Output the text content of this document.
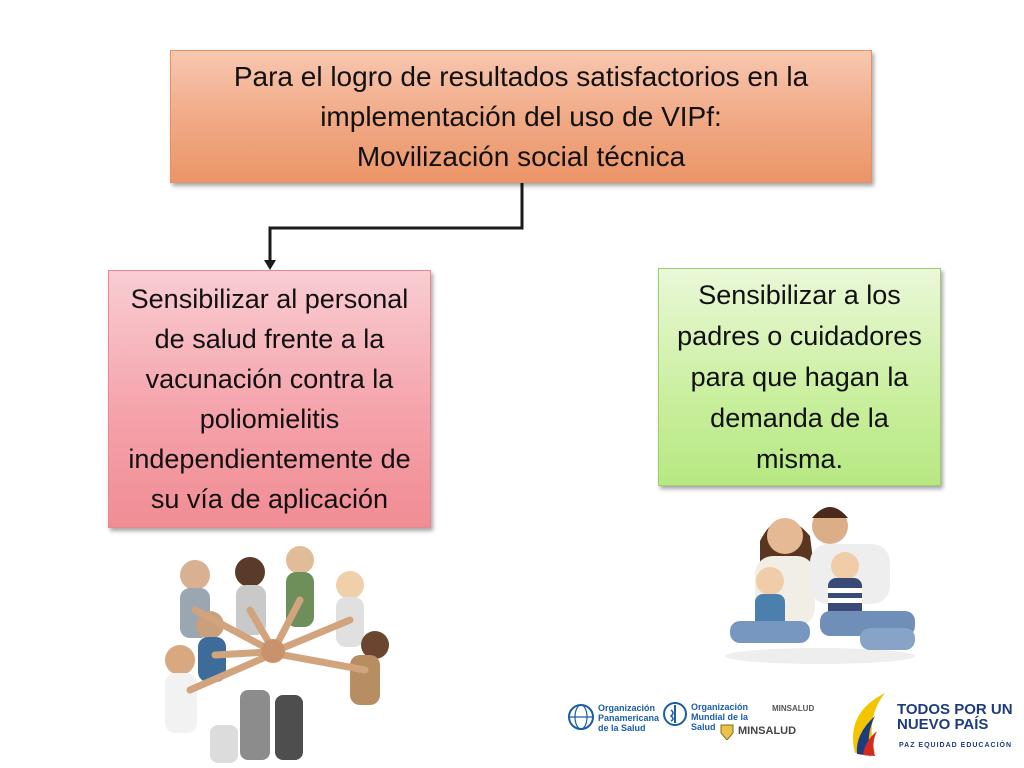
Para el logro de resultados satisfactorios en la
implementación del uso de VIPf:
Movilización social técnica
Sensibilizar al personal
de salud frente a la
vacunación contra la
poliomielitis
independientemente de
su vía de aplicación
Sensibilizar a los
padres o cuidadores
para que hagan la
demanda de la
misma.
Organización
Panamericana
de la Salud
Organización
Mundial de la Salud
MINSALUD
MINSALUD
TODOS POR UN
NUEVO PAÍS
PAZ EQUIDAD EDUCACIÓN
